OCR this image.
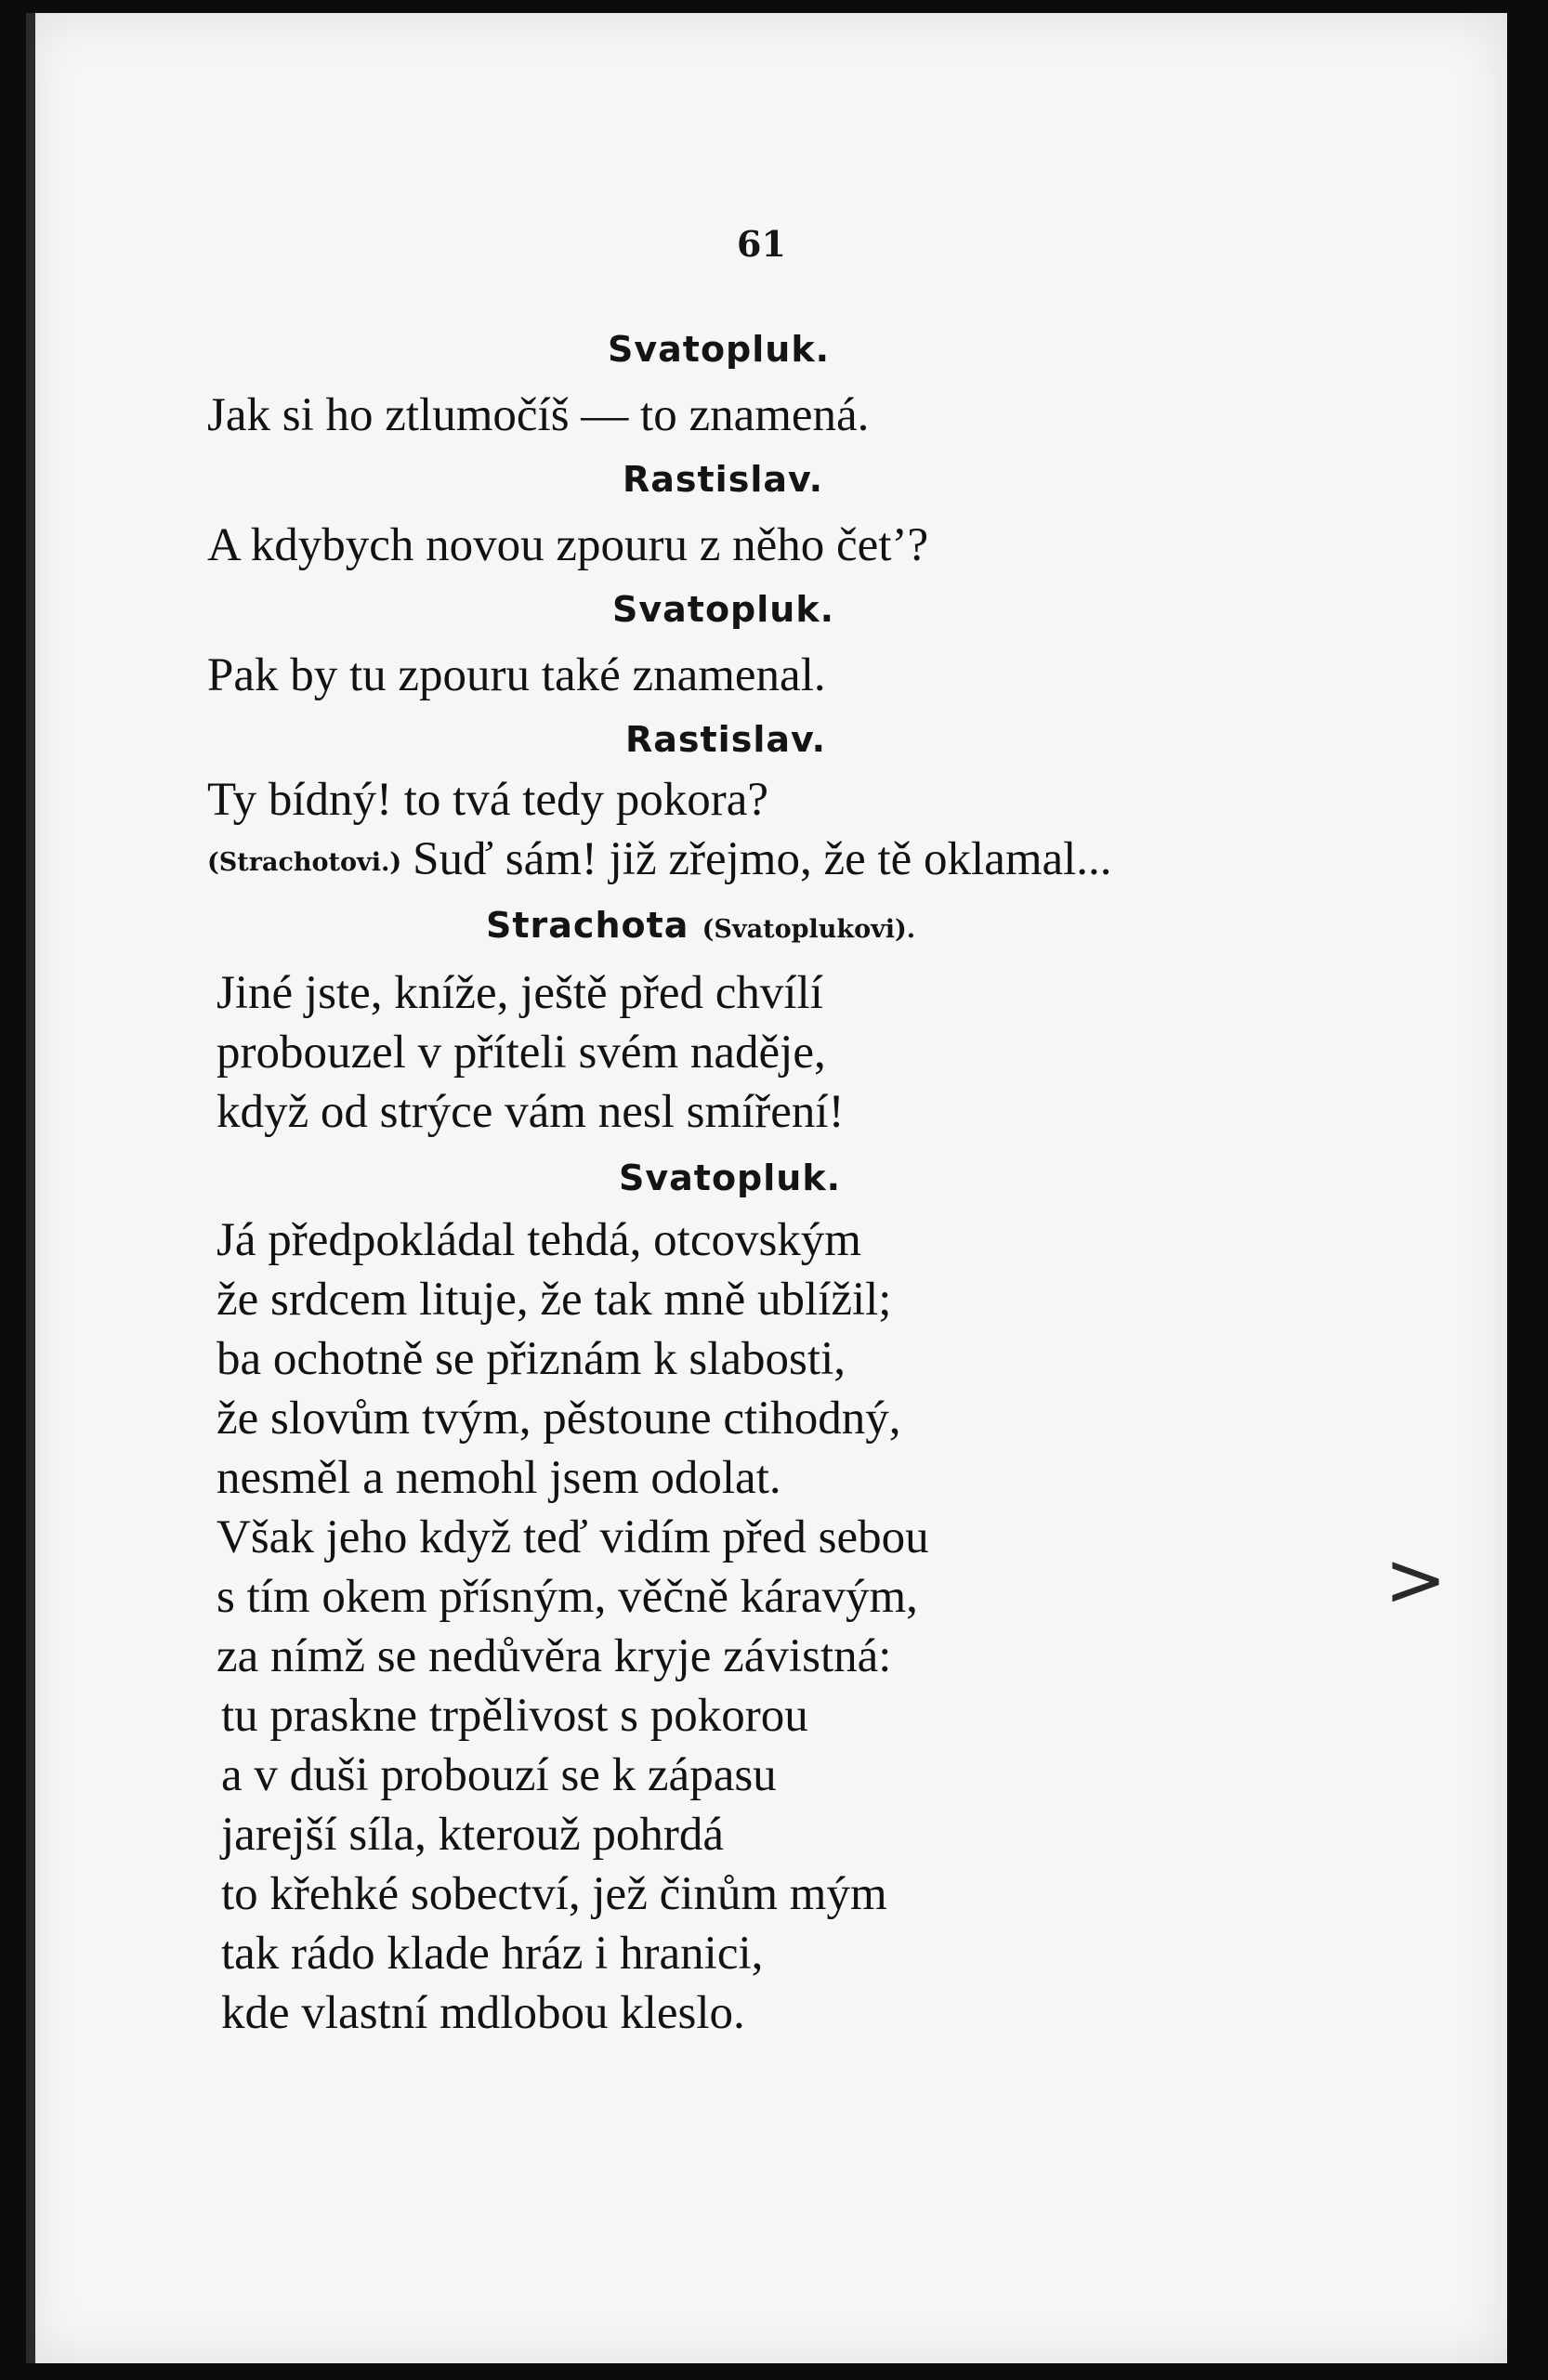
61
Svatopluk.
Jak si ho ztlumočíš — to znamená.
Rastislav.
A kdybych novou zpouru z něho čet’?
Svatopluk.
Pak by tu zpouru také znamenal.
Rastislav.
Ty bídný! to tvá tedy pokora?
(Strachotovi.) Suď sám! již zřejmo, že tě oklamal...
Strachota (Svatoplukovi).
Jiné jste, kníže, ještě před chvílí
probouzel v příteli svém naděje,
když od strýce vám nesl smíření!
Svatopluk.
Já předpokládal tehdá, otcovským
že srdcem lituje, že tak mně ublížil;
ba ochotně se přiznám k slabosti,
že slovům tvým, pěstoune ctihodný,
nesměl a nemohl jsem odolat.
Však jeho když teď vidím před sebou
s tím okem přísným, věčně káravým,
za nímž se nedůvěra kryje závistná:
tu praskne trpělivost s pokorou
a v duši probouzí se k zápasu
jarejší síla, kterouž pohrdá
to křehké sobectví, jež činům mým
tak rádo klade hráz i hranici,
kde vlastní mdlobou kleslo.
>
